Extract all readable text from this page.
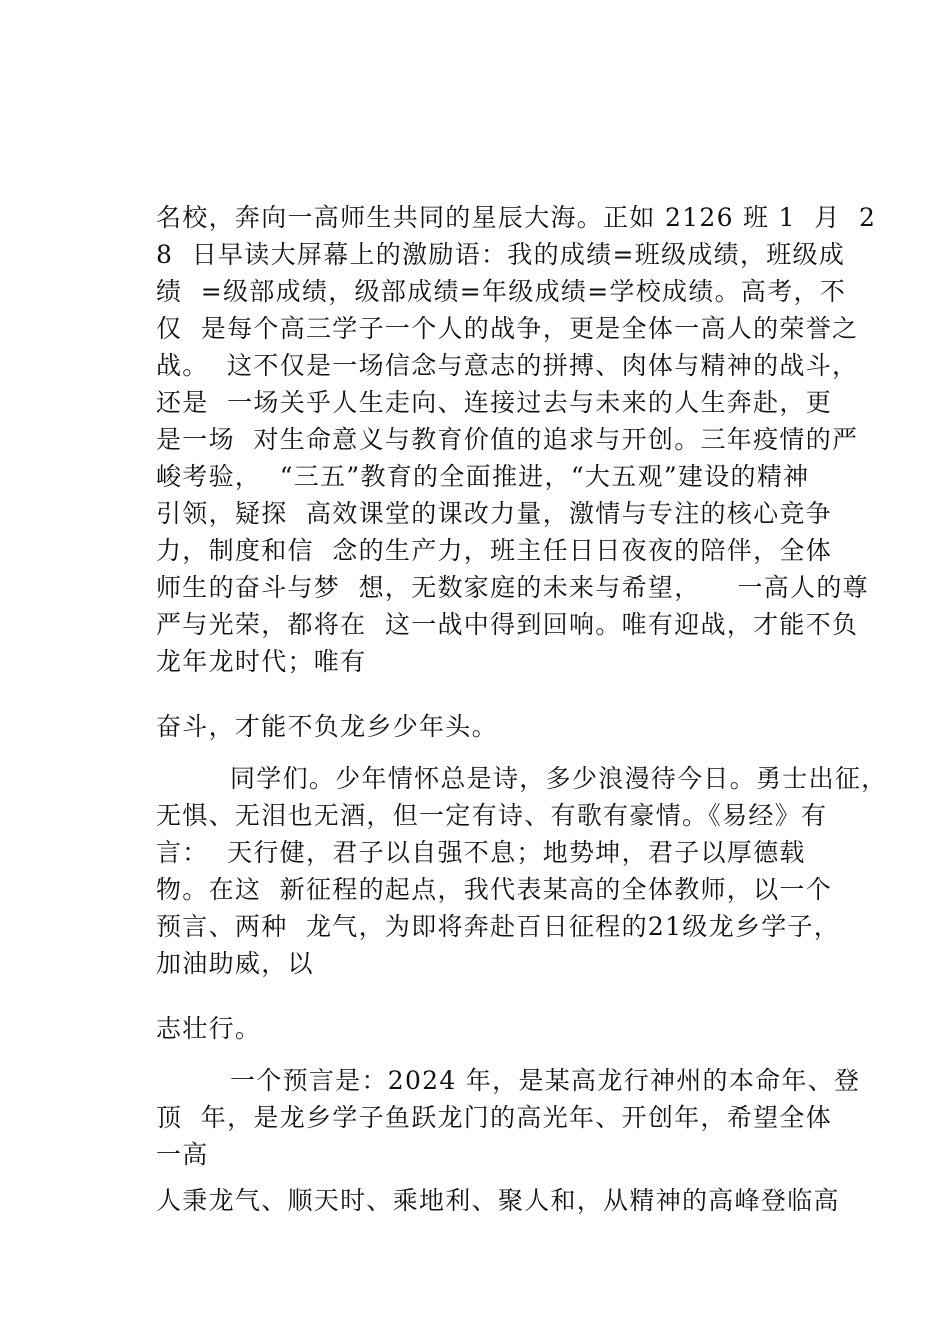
名校，奔向一高师生共同的星辰大海。正如 2126 班 1  月  2
8  日早读大屏幕上的激励语：我的成绩=班级成绩，班级成
绩  =级部成绩，级部成绩=年级成绩=学校成绩。高考，不
仅  是每个高三学子一个人的战争，更是全体一高人的荣誉之
战。  这不仅是一场信念与意志的拼搏、肉体与精神的战斗，
还是  一场关乎人生走向、连接过去与未来的人生奔赴，更
是一场  对生命意义与教育价值的追求与开创。三年疫情的严
峻考验，  “三五”教育的全面推进，“大五观”建设的精神
引领，疑探  高效课堂的课改力量，激情与专注的核心竞争
力，制度和信  念的生产力，班主任日日夜夜的陪伴，全体
师生的奋斗与梦  想，无数家庭的未来与希望，    一高人的尊
严与光荣，都将在  这一战中得到回响。唯有迎战，才能不负
龙年龙时代；唯有
奋斗，才能不负龙乡少年头。
同学们。少年情怀总是诗，多少浪漫待今日。勇士出征，
无惧、无泪也无酒，但一定有诗、有歌有豪情。《易经》有
言：  天行健，君子以自强不息；地势坤，君子以厚德载
物。在这  新征程的起点，我代表某高的全体教师，以一个
预言、两种  龙气，为即将奔赴百日征程的21级龙乡学子，
加油助威，以
志壮行。
一个预言是：2024 年，是某高龙行神州的本命年、登
顶  年，是龙乡学子鱼跃龙门的高光年、开创年，希望全体
一高
人秉龙气、顺天时、乘地利、聚人和，从精神的高峰登临高
